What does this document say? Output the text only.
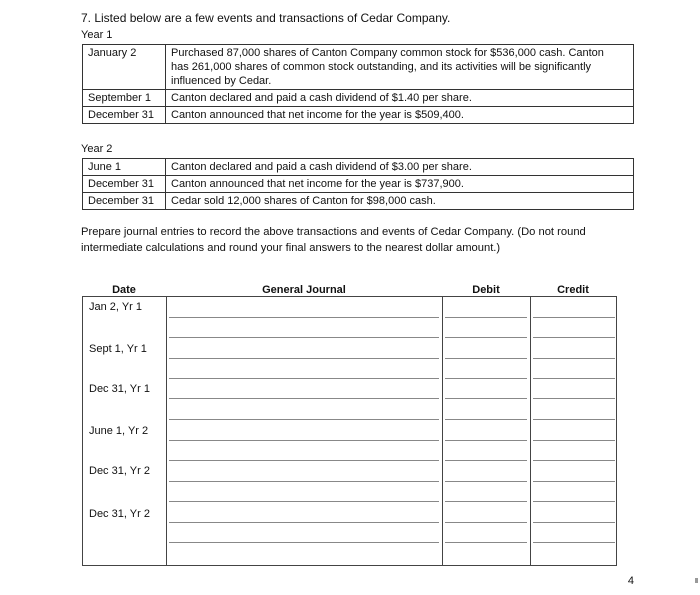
7. Listed below are a few events and transactions of Cedar Company.
Year 1
January 2	Purchased 87,000 shares of Canton Company common stock for $536,000 cash. Canton
has 261,000 shares of common stock outstanding, and its activities will be significantly
influenced by Cedar.

September 1	Canton declared and paid a cash dividend of $1.40 per share.

December 31	Canton announced that net income for the year is $509,400.
Year 2
June 1	Canton declared and paid a cash dividend of $3.00 per share.

December 31	Canton announced that net income for the year is $737,900.

December 31	Cedar sold 12,000 shares of Canton for $98,000 cash.
Prepare journal entries to record the above transactions and events of Cedar Company. (Do not round
intermediate calculations and round your final answers to the nearest dollar amount.)
Date	General Journal	Debit	Credit
Jan 2, Yr 1
Sept 1, Yr 1
Dec 31, Yr 1
June 1, Yr 2
Dec 31, Yr 2
Dec 31, Yr 2
4
